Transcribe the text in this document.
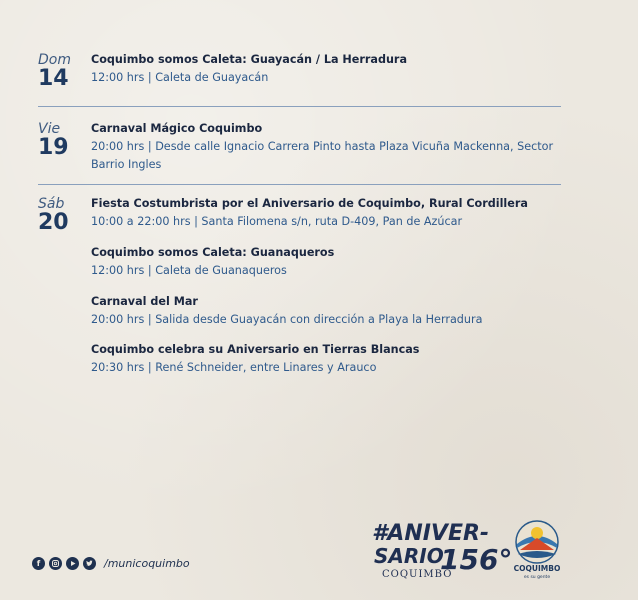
Dom
14
Coquimbo somos Caleta: Guayacán / La Herradura
12:00 hrs | Caleta de Guayacán
Vie
19
Carnaval Mágico Coquimbo
20:00 hrs | Desde calle Ignacio Carrera Pinto hasta Plaza Vicuña Mackenna, Sector Barrio Ingles
Sáb
20
Fiesta Costumbrista por el Aniversario de Coquimbo, Rural Cordillera
10:00 a 22:00 hrs | Santa Filomena s/n, ruta D-409, Pan de Azúcar
Coquimbo somos Caleta: Guanaqueros
12:00 hrs | Caleta de Guanaqueros
Carnaval del Mar
20:00 hrs | Salida desde Guayacán con dirección a Playa la Herradura
Coquimbo celebra su Aniversario en Tierras Blancas
20:30 hrs | René Schneider, entre Linares y Arauco
f	/municoquimbo
#ANIVER-
SARIO
156°
COQUIMBO
COQUIMBO
es su gente
